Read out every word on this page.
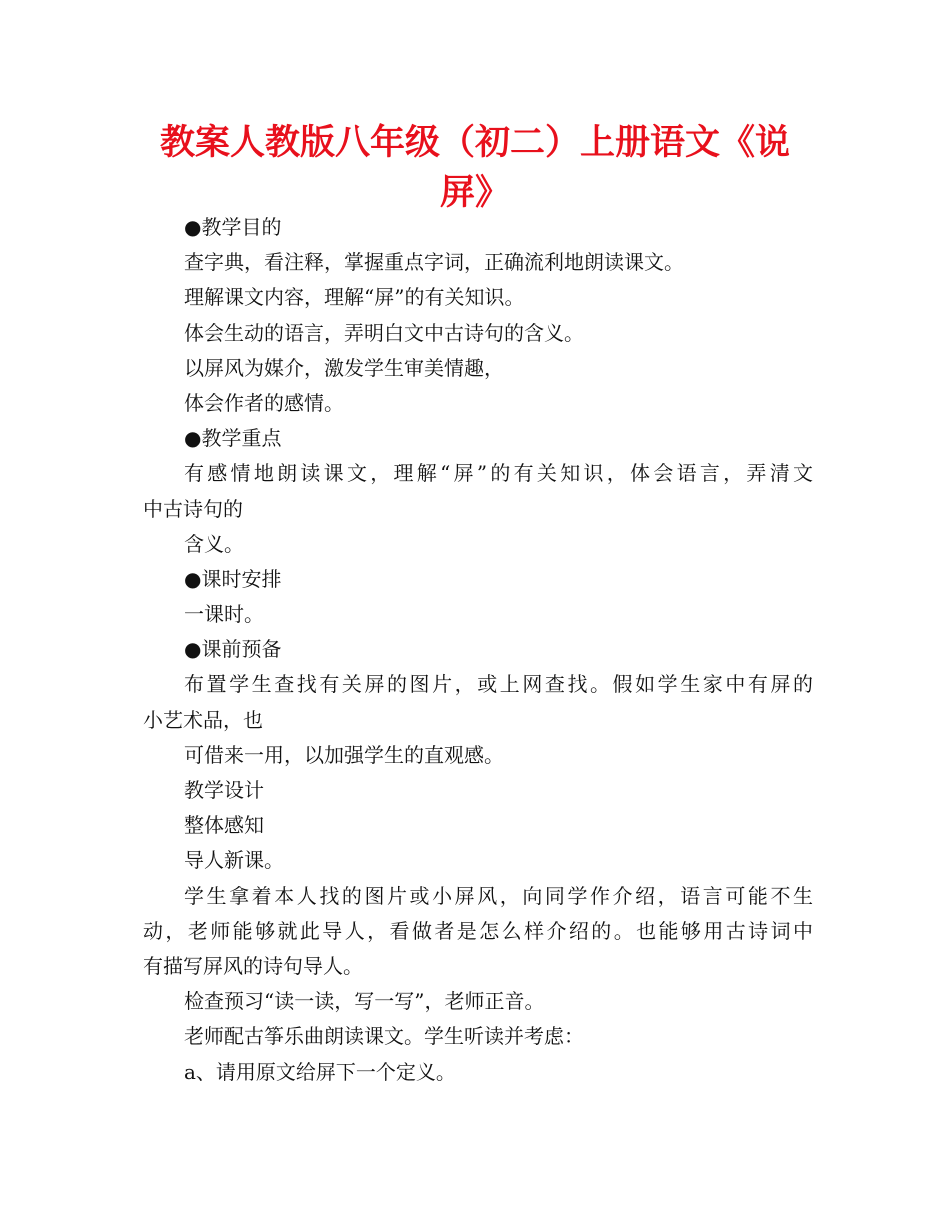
教案人教版八年级（初二）上册语文《说屏》
●教学目的
查字典，看注释，掌握重点字词，正确流利地朗读课文。
理解课文内容，理解“屏”的有关知识。
体会生动的语言，弄明白文中古诗句的含义。
以屏风为媒介，激发学生审美情趣，
体会作者的感情。
●教学重点
有感情地朗读课文，理解“屏”的有关知识，体会语言，弄清文
中古诗句的
含义。
●课时安排
一课时。
●课前预备
布置学生查找有关屏的图片，或上网查找。假如学生家中有屏的
小艺术品，也
可借来一用，以加强学生的直观感。
教学设计
整体感知
导人新课。
学生拿着本人找的图片或小屏风，向同学作介绍，语言可能不生
动，老师能够就此导人，看做者是怎么样介绍的。也能够用古诗词中
有描写屏风的诗句导人。
检查预习“读一读，写一写”，老师正音。
老师配古筝乐曲朗读课文。学生听读并考虑：
a、请用原文给屏下一个定义。
